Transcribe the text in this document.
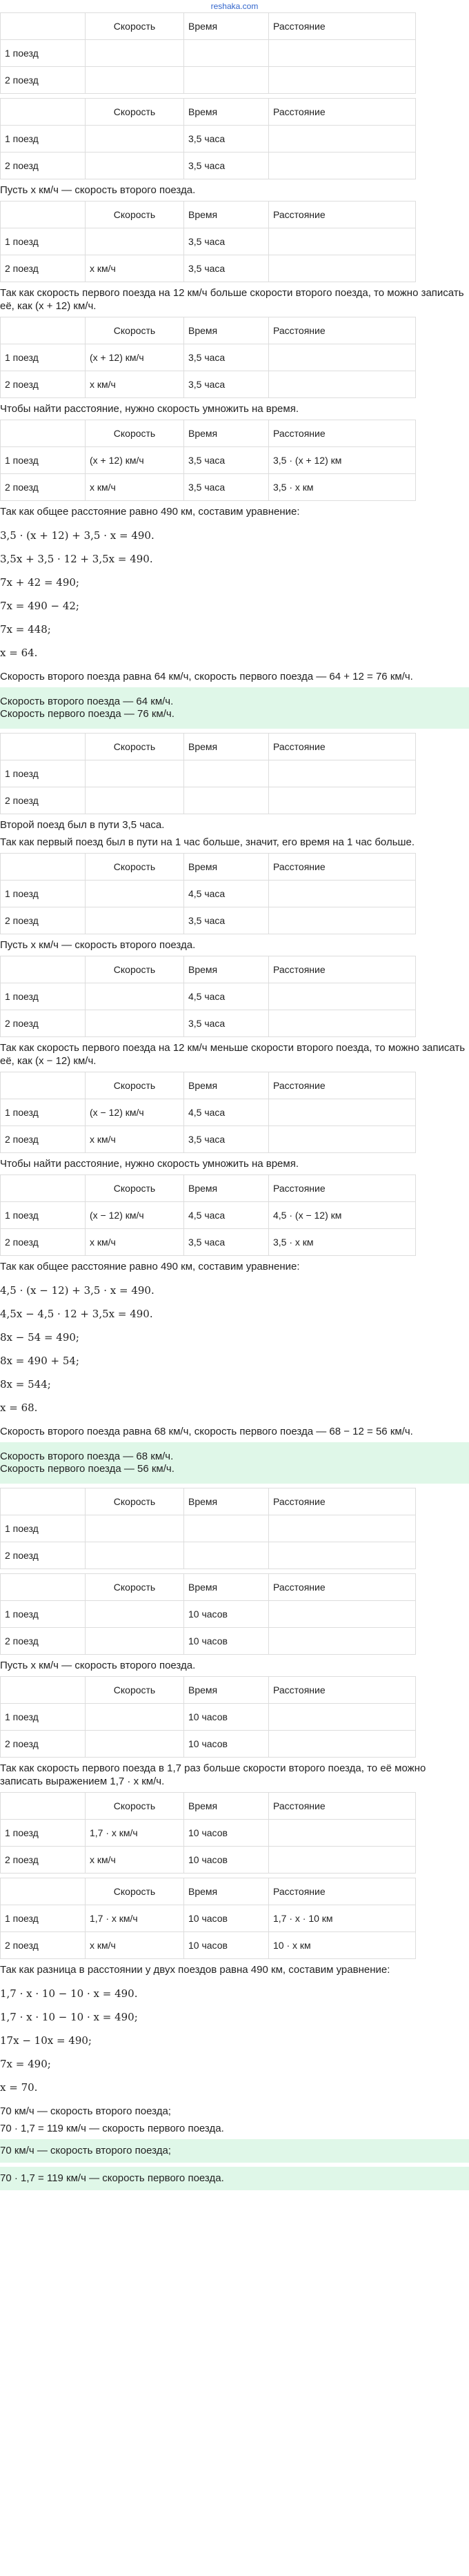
reshaka.com
	Скорость	Время	Расстояние
1 поезд			
2 поезд			
	Скорость	Время	Расстояние
1 поезд		3,5 часа	
2 поезд		3,5 часа	
Пусть x км/ч — скорость второго поезда.
	Скорость	Время	Расстояние
1 поезд		3,5 часа	
2 поезд	x км/ч	3,5 часа	
Так как скорость первого поезда на 12 км/ч больше скорости второго поезда, то можно записать её, как (x + 12) км/ч.
	Скорость	Время	Расстояние
1 поезд	(x + 12) км/ч	3,5 часа	
2 поезд	x км/ч	3,5 часа	
Чтобы найти расстояние, нужно скорость умножить на время.
	Скорость	Время	Расстояние
1 поезд	(x + 12) км/ч	3,5 часа	3,5 · (x + 12) км
2 поезд	x км/ч	3,5 часа	3,5 · x км
Так как общее расстояние равно 490 км, составим уравнение:
3,5 · (x + 12) + 3,5 · x = 490.
3,5x + 3,5 · 12 + 3,5x = 490.
7x + 42 = 490;
7x = 490 − 42;
7x = 448;
x = 64.
Скорость второго поезда равна 64 км/ч, скорость первого поезда — 64 + 12 = 76 км/ч.
Скорость второго поезда — 64 км/ч.
Скорость первого поезда — 76 км/ч.
	Скорость	Время	Расстояние
1 поезд			
2 поезд			
Второй поезд был в пути 3,5 часа.
Так как первый поезд был в пути на 1 час больше, значит, его время на 1 час больше.
	Скорость	Время	Расстояние
1 поезд		4,5 часа	
2 поезд		3,5 часа	
Пусть x км/ч — скорость второго поезда.
	Скорость	Время	Расстояние
1 поезд		4,5 часа	
2 поезд		3,5 часа	
Так как скорость первого поезда на 12 км/ч меньше скорости второго поезда, то можно записать её, как (x − 12) км/ч.
	Скорость	Время	Расстояние
1 поезд	(x − 12) км/ч	4,5 часа	
2 поезд	x км/ч	3,5 часа	
Чтобы найти расстояние, нужно скорость умножить на время.
	Скорость	Время	Расстояние
1 поезд	(x − 12) км/ч	4,5 часа	4,5 · (x − 12) км
2 поезд	x км/ч	3,5 часа	3,5 · x км
Так как общее расстояние равно 490 км, составим уравнение:
4,5 · (x − 12) + 3,5 · x = 490.
4,5x − 4,5 · 12 + 3,5x = 490.
8x − 54 = 490;
8x = 490 + 54;
8x = 544;
x = 68.
Скорость второго поезда равна 68 км/ч, скорость первого поезда — 68 − 12 = 56 км/ч.
Скорость второго поезда — 68 км/ч.
Скорость первого поезда — 56 км/ч.
	Скорость	Время	Расстояние
1 поезд			
2 поезд			
	Скорость	Время	Расстояние
1 поезд		10 часов	
2 поезд		10 часов	
Пусть x км/ч — скорость второго поезда.
	Скорость	Время	Расстояние
1 поезд		10 часов	
2 поезд		10 часов	
Так как скорость первого поезда в 1,7 раз больше скорости второго поезда, то её можно записать выражением 1,7 · x км/ч.
	Скорость	Время	Расстояние
1 поезд	1,7 · x км/ч	10 часов	
2 поезд	x км/ч	10 часов	
	Скорость	Время	Расстояние
1 поезд	1,7 · x км/ч	10 часов	1,7 · x · 10 км
2 поезд	x км/ч	10 часов	10 · x км
Так как разница в расстоянии у двух поездов равна 490 км, составим уравнение:
1,7 · x · 10 − 10 · x = 490.
1,7 · x · 10 − 10 · x = 490;
17x − 10x = 490;
7x = 490;
x = 70.
70 км/ч — скорость второго поезда;
70 · 1,7 = 119 км/ч — скорость первого поезда.
70 км/ч — скорость второго поезда;
70 · 1,7 = 119 км/ч — скорость первого поезда.
